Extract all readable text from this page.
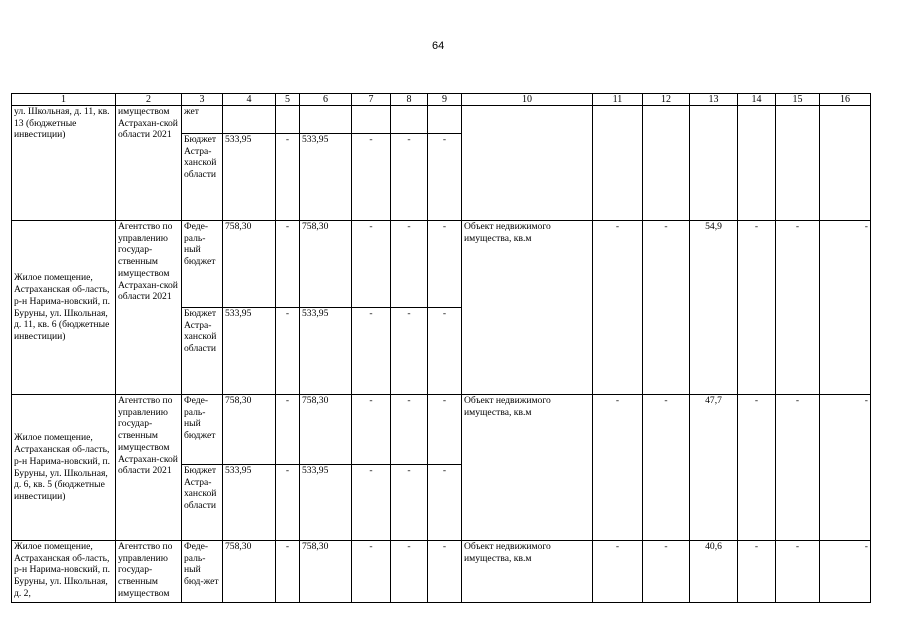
64
1	2	3	4	5	6	7	8	9	10	11	12	13	14	15	16
ул. Школьная, д. 11, кв. 13 (бюджетные инвестиции)	имуществом Астрахан-ской области 2021	жет													
		Бюджет Астра-ханской области	533,95	-	533,95	-	-	-							
Жилое помещение, Астраханская об-ласть, р-н Нарима-новский, п. Буруны, ул. Школьная, д. 11, кв. 6 (бюджетные инвестиции)	Агентство по управлению государ-ственным имуществом Астрахан-ской области 2021	Феде-раль-ный бюджет	758,30	-	758,30	-	-	-	Объект недвижимого имущества, кв.м	-	-	54,9	-	-	-
		Бюджет Астра-ханской области	533,95	-	533,95	-	-	-							
Жилое помещение, Астраханская об-ласть, р-н Нарима-новский, п. Буруны, ул. Школьная, д. 6, кв. 5 (бюджетные инвестиции)	Агентство по управлению государ-ственным имуществом Астрахан-ской области 2021	Феде-раль-ный бюджет	758,30	-	758,30	-	-	-	Объект недвижимого имущества, кв.м	-	-	47,7	-	-	-
		Бюджет Астра-ханской области	533,95	-	533,95	-	-	-							
Жилое помещение, Астраханская об-ласть, р-н Нарима-новский, п. Буруны, ул. Школьная, д. 2,	Агентство по управлению государ-ственным имуществом	Феде-раль-ный бюд-жет	758,30	-	758,30	-	-	-	Объект недвижимого имущества, кв.м	-	-	40,6	-	-	-
